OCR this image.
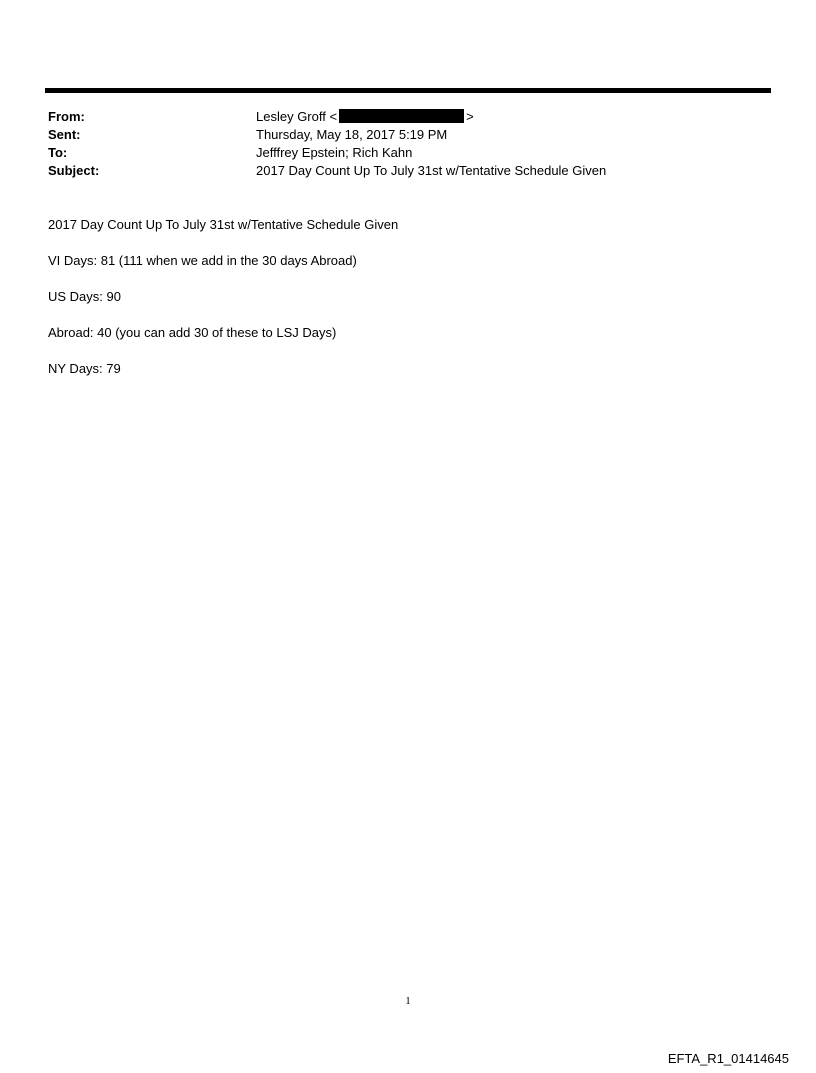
From:	Lesley Groff <	>
Sent:	Thursday, May 18, 2017 5:19 PM
To:	Jefffrey Epstein; Rich Kahn
Subject:	2017 Day Count Up To July 31st w/Tentative Schedule Given
2017 Day Count Up To July 31st w/Tentative Schedule Given
VI Days: 81 (111 when we add in the 30 days Abroad)
US Days: 90
Abroad: 40 (you can add 30 of these to LSJ Days)
NY Days: 79
1
EFTA_R1_01414645
